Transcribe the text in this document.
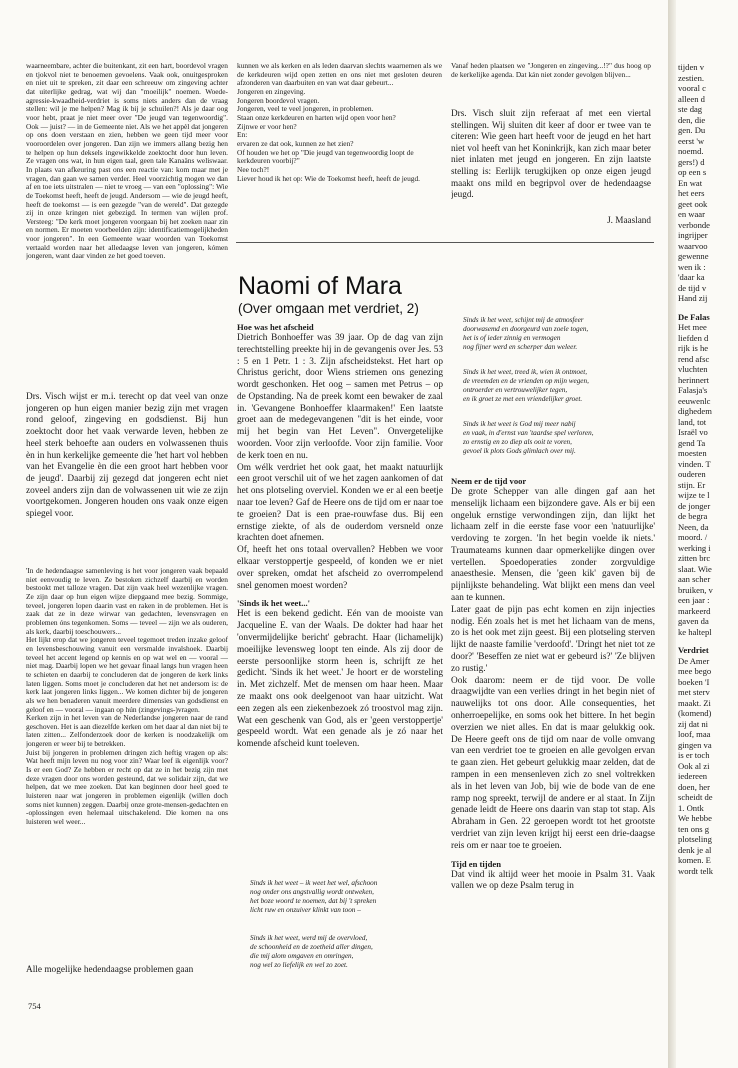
waarneembare, achter die buitenkant, zit een hart, boordevol vragen en tjokvol niet te benoemen gevoelens. Vaak ook, onuitgesproken en niet uit te spreken, zit daar een schreeuw om zingeving achter dat uiterlijke gedrag, wat wij dan "moeilijk" noemen. Woede-agressie-kwaadheid-verdriet is soms niets anders dan de vraag stellen: wil je me helpen? Mag ik bij je schuilen?! Als je daar oog voor hebt, praat je niet meer over "De jeugd van tegenwoordig". Ook — juist? — in de Gemeente niet. Als we het appèl dat jongeren op ons doen verstaan en zien, hebben we geen tijd meer voor vooroordelen over jongeren. Dan zijn we immers allang bezig hen te helpen op hun deksels ingewikkelde zoektocht door hun leven. Ze vragen ons wat, in hun eigen taal, geen tale Kanaäns weliswaar. In plaats van afkeuring past ons een reactie van: kom maar met je vragen, dan gaan we samen verder. Heel voorzichtig mogen we dan af en toe iets uitstralen — niet te vroeg — van een "oplossing": Wie de Toekomst heeft, heeft de jeugd. Andersom — wie de jeugd heeft, heeft de toekomst — is een gezegde "van de wereld". Dat gezegde zij in onze kringen niet gebezigd. In termen van wijlen prof. Versteeg: "De kerk moet jongeren voorgaan bij het zoeken naar zin en normen. Er moeten voorbeelden zijn: identificatiemogelijkheden voor jongeren". In een Gemeente waar woorden van Toekomst vertaald worden naar het alledaagse leven van jongeren, kómen jongeren, want daar vinden ze het goed toeven.

Drs. Visch wijst er m.i. terecht op dat veel van onze jongeren op hun eigen manier bezig zijn met vragen rond geloof, zingeving en godsdienst. Bij hun zoektocht door het vaak verwarde leven, hebben ze heel sterk behoefte aan ouders en volwassenen thuis èn in hun kerkelijke gemeente die 'het hart vol hebben van het Evangelie èn die een groot hart hebben voor de jeugd'. Daarbij zij gezegd dat jongeren echt niet zoveel anders zijn dan de volwassenen uit wie ze zijn voortgekomen. Jongeren houden ons vaak onze eigen spiegel voor.

'In de hedendaagse samenleving is het voor jongeren vaak bepaald niet eenvoudig te leven. Ze bestoken zichzelf daarbij en worden bestookt met talloze vragen. Dat zijn vaak heel wezenlijke vragen. Ze zijn daar op hun eigen wijze diepgaand mee bezig. Sommige, teveel, jongeren lopen daarin vast en raken in de problemen. Het is zaak dat ze in deze wirwar van gedachten, levensvragen en problemen óns tegenkomen. Soms — teveel — zijn we als ouderen, als kerk, daarbij toeschouwers...

Het lijkt erop dat we jongeren teveel tegemoet treden inzake geloof en levensbeschouwing vanuit een versmalde invalshoek. Daarbij teveel het accent legend op kennis en op wat wel en — vooral — niet mag. Daarbij lopen we het gevaar finaal langs hun vragen heen te schieten en daarbij te concluderen dat de jongeren de kerk links laten liggen. Soms moet je concluderen dat het net andersom is: de kerk laat jongeren links liggen... We komen dichter bij de jongeren als we hen benaderen vanuit meerdere dimensies van godsdienst en geloof en — vooral — ingaan op hún (zingevings-)vragen.

Kerken zijn in het leven van de Nederlandse jongeren naar de rand geschoven. Het is aan diezelfde kerken om het daar al dan niet bij te laten zitten... Zelfonderzoek door de kerken is noodzakelijk om jongeren er weer bij te betrekken.

Juist bij jongeren in problemen dringen zich heftig vragen op als: Wat heeft mijn leven nu nog voor zin? Waar leef ik eigenlijk voor? Is er een God? Ze hebben er recht op dat ze in het bezig zijn met deze vragen door ons worden gesteund, dat we solidair zijn, dat we helpen, dat we mee zoeken. Dat kan beginnen door heel goed te luisteren naar wat jongeren in problemen eigenlijk (willen doch soms niet kunnen) zeggen. Daarbij onze grote-mensen-gedachten en -oplossingen even helemaal uitschakelend. Die komen na ons luisteren wel weer...

Alle mogelijke hedendaagse problemen gaan

kunnen we als kerken en als leden daarvan slechts waarnemen als we de kerkdeuren wijd open zetten en ons niet met gesloten deuren afzonderen van daarbuiten en van wat daar gebeurt...

Jongeren en zingeving.

Jongeren boordevol vragen.

Jongeren, veel te veel jongeren, in problemen.

Staan onze kerkdeuren en harten wijd open voor hen?

Zijnwe er voor hen?

En:

ervaren ze dat ook, kunnen ze het zien?

Of houden we het op "Die jeugd van tegenwoordig loopt de kerkdeuren voorbij?"

Nee toch?!

Liever houd ik het op: Wie de Toekomst heeft, heeft de jeugd.

Vanaf heden plaatsen we "Jongeren en zingeving...!?" dus hoog op de kerkelijke agenda. Dat kán niet zonder gevolgen blijven...

Drs. Visch sluit zijn referaat af met een viertal stellingen. Wij sluiten dit keer af door er twee van te citeren: Wie geen hart heeft voor de jeugd en het hart niet vol heeft van het Koninkrijk, kan zich maar beter niet inlaten met jeugd en jongeren. En zijn laatste stelling is: Eerlijk terugkijken op onze eigen jeugd maakt ons mild en begripvol over de hedendaagse jeugd.

J. Maasland

Naomi of Mara
(Over omgaan met verdriet, 2)
Hoe was het afscheid

Dietrich Bonhoeffer was 39 jaar. Op de dag van zijn terechtstelling preekte hij in de gevangenis over Jes. 53 : 5 en 1 Petr. 1 : 3. Zijn afscheidstekst. Het hart op Christus gericht, door Wiens striemen ons genezing wordt geschonken. Het oog – samen met Petrus – op de Opstanding. Na de preek komt een bewaker de zaal in. 'Gevangene Bonhoeffer klaarmaken!' Een laatste groet aan de medegevangenen "dit is het einde, voor mij het begin van Het Leven". Onvergetelijke woorden. Voor zijn verloofde. Voor zijn familie. Voor de kerk toen en nu.

Om wélk verdriet het ook gaat, het maakt natuurlijk een groot verschil uit of we het zagen aankomen of dat het ons plotseling overviel. Konden we er al een beetje naar toe leven? Gaf de Heere ons de tijd om er naar toe te groeien? Dat is een prae-rouwfase dus. Bij een ernstige ziekte, of als de ouderdom versneld onze krachten doet afnemen.

Of, heeft het ons totaal overvallen? Hebben we voor elkaar verstoppertje gespeeld, of konden we er niet over spreken, omdat het afscheid zo overrompelend snel genomen moest worden?

'Sinds ik het weet...'

Het is een bekend gedicht. Eén van de mooiste van Jacqueline E. van der Waals. De dokter had haar het 'onvermijdelijke bericht' gebracht. Haar (lichamelijk) moeilijke levensweg loopt ten einde. Als zij door de eerste persoonlijke storm heen is, schrijft ze het gedicht. 'Sinds ik het weet.' Je hoort er de worsteling in. Met zichzelf. Met de mensen om haar heen. Maar ze maakt ons ook deelgenoot van haar uitzicht. Wat een zegen als een ziekenbezoek zó troostvol mag zijn. Wat een geschenk van God, als er 'geen verstoppertje' gespeeld wordt. Wat een genade als je zó naar het komende afscheid kunt toeleven.

Sinds ik het weet – ik weet het wel, afschoon
nog onder ons angstvallig wordt ontweken,
het boze woord te noemen, dat bij 't spreken
licht ruw en onzuiver klinkt van toon –
Sinds ik het weet, werd mij de overvloed,
de schoonheid en de zoetheid aller dingen,
die mij alom omgaven en omringen,
nog wel zo liefelijk en wel zo zoet.
Sinds ik het weet, schijnt mij de atmosfeer
doorwasemd en doorgeurd van zoele togen,
het is of ieder zinnig en vermogen
nog fijner werd en scherper dan weleer.
Sinds ik het weet, treed ik, wien ik ontmoet,
de vreemden en de vrienden op mijn wegen,
ontroerder en vertrouwelijker tegen,
en ik groet ze met een vriendelijker groet.
Sinds ik het weet is God mij meer nabij
en vaak, in d'ernst van 'taardse spel verloren,
zo ernstig en zo diep als ooit te voren,
gevoel ik plots Gods glimlach over mij.
Neem er de tijd voor

De grote Schepper van alle dingen gaf aan het menselijk lichaam een bijzondere gave. Als er bij een ongeluk ernstige verwondingen zijn, dan lijkt het lichaam zelf in die eerste fase voor een 'natuurlijke' verdoving te zorgen. 'In het begin voelde ik niets.' Traumateams kunnen daar opmerkelijke dingen over vertellen. Spoedoperaties zonder zorgvuldige anaesthesie. Mensen, die 'geen kik' gaven bij de pijnlijkste behandeling. Wat blijkt een mens dan veel aan te kunnen.

Later gaat de pijn pas echt komen en zijn injecties nodig. Eén zoals het is met het lichaam van de mens, zo is het ook met zijn geest. Bij een plotseling sterven lijkt de naaste familie 'verdoofd'. 'Dringt het niet tot ze door?' 'Beseffen ze niet wat er gebeurd is?' 'Ze blijven zo rustig.'

Ook daarom: neem er de tijd voor. De volle draagwijdte van een verlies dringt in het begin niet of nauwelijks tot ons door. Alle consequenties, het onherroepelijke, en soms ook het bittere. In het begin overzien we niet alles. En dat is maar gelukkig ook. De Heere geeft ons de tijd om naar de volle omvang van een verdriet toe te groeien en alle gevolgen ervan te gaan zien. Het gebeurt gelukkig maar zelden, dat de rampen in een mensenleven zich zo snel voltrekken als in het leven van Job, bij wie de bode van de ene ramp nog spreekt, terwijl de andere er al staat. In Zijn genade leidt de Heere ons daarin van stap tot stap. Als Abraham in Gen. 22 geroepen wordt tot het grootste verdriet van zijn leven krijgt hij eerst een drie-daagse reis om er naar toe te groeien.

Tijd en tijden

Dat vind ik altijd weer het mooie in Psalm 31. Vaak vallen we op deze Psalm terug in

754
tijden v
zestien.
vooral c
alleen d
ste dag
den, die
gen. Du
eerst 'w
noemd.
gers!) d
op een s
En wat
het eers
geet ook
en waar
verbonde
ingrijper
waarvoo
gewenne
wen ik :
'daar ka
de tijd v
Hand zij
De Falas
Het mee
liefden d
rijk is he
rend afsc
vluchten
herinnert
Falasja's
eeuwenlc
dighedem
land, tot
Israël vo
gend Ta
moesten
vinden. T
ouderen
stijn. Er
wijze te l
de jonger
de begra
Neen, da
moord. /
werking i
zitten brc
slaat. Wie
aan scher
bruiken, v
een jaar :
markeerd
gaven da
ke haltepl
Verdriet
De Amer
mee bego
boeken 'I
met sterv
maakt. Zi
(komend)
zij dat ni
loof, maa
gingen va
is er toch
Ook al zi
iedereen
doen, her
scheidt de
1. Ontk
We hebbe
ten ons g
plotseling
denk je al
komen. E
wordt telk
